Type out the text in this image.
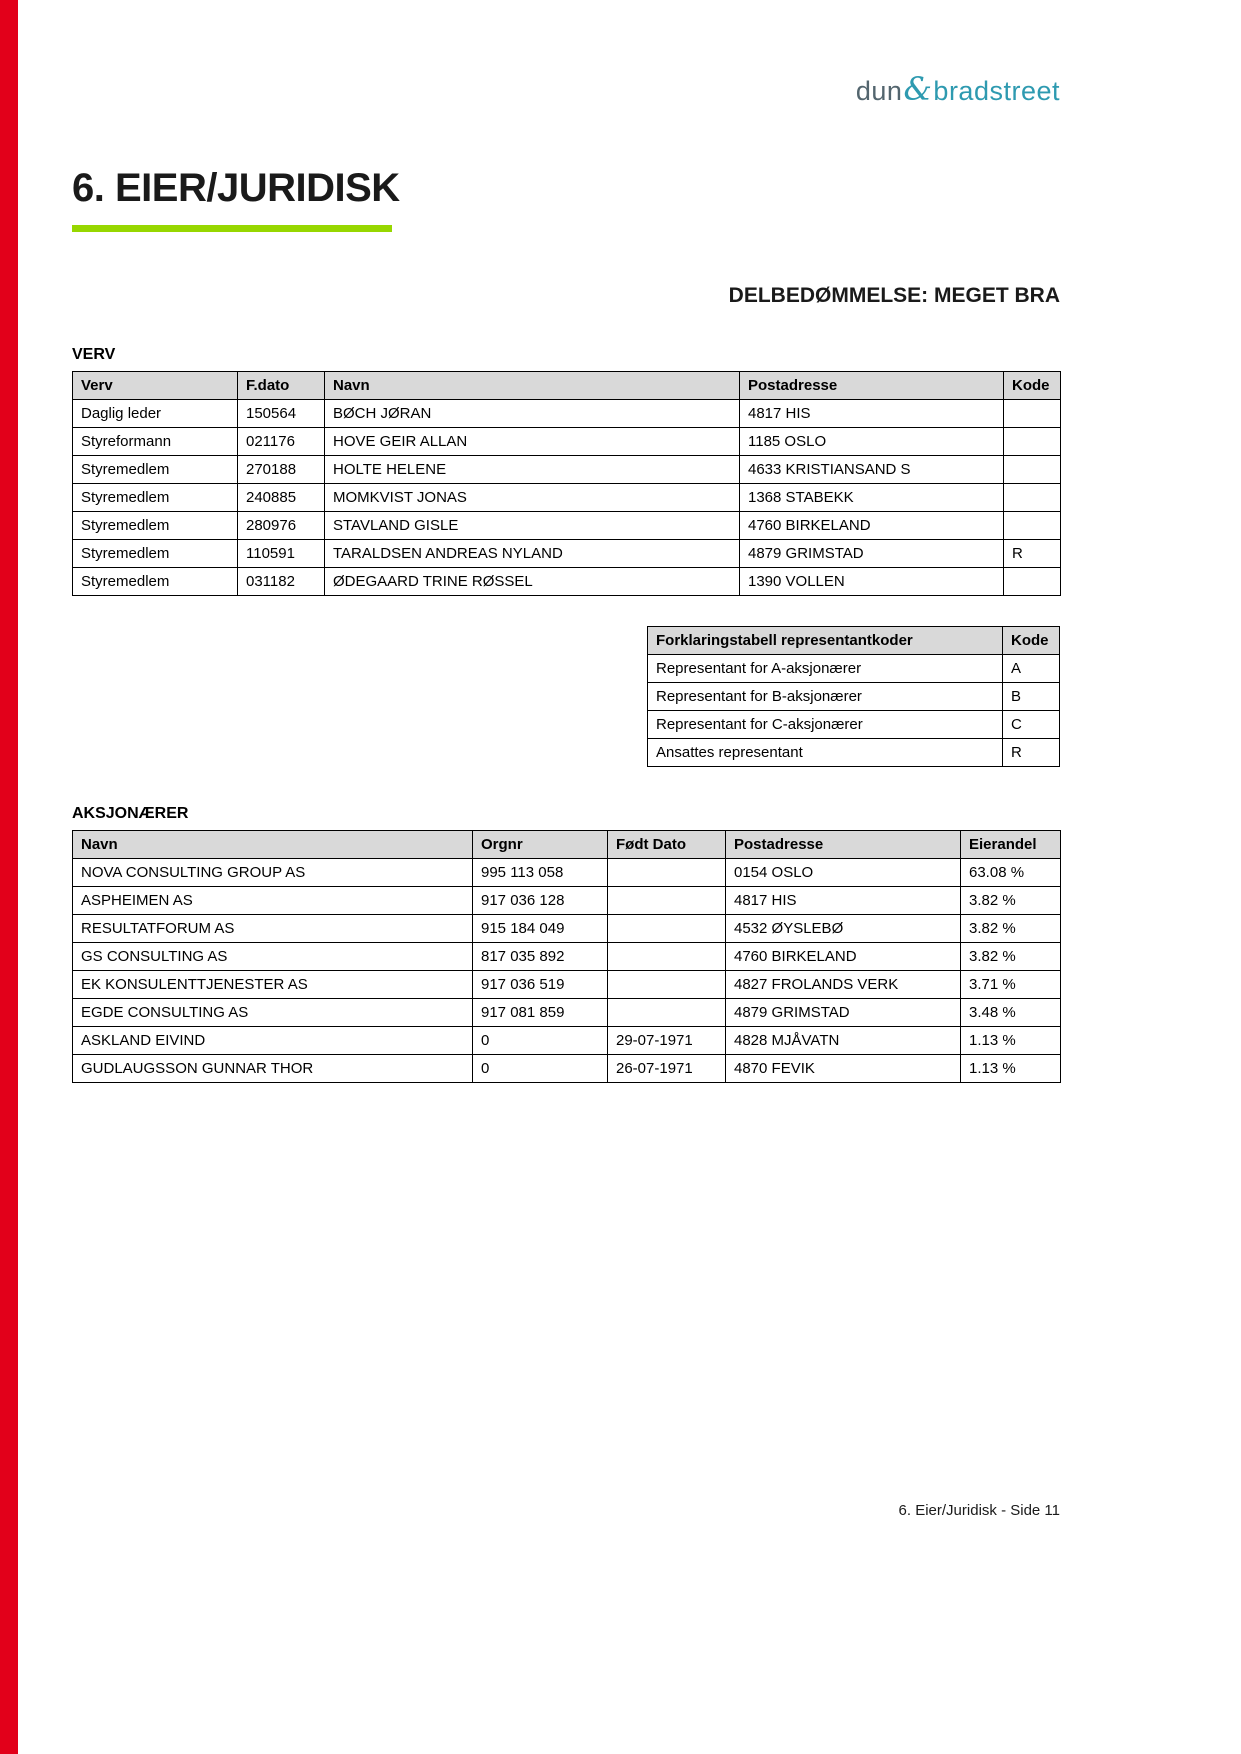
dun&bradstreet
6. EIER/JURIDISK
DELBEDØMMELSE: MEGET BRA
VERV
Verv	F.dato	Navn	Postadresse	Kode
Daglig leder	150564	BØCH JØRAN	4817 HIS	
Styreformann	021176	HOVE GEIR ALLAN	1185 OSLO	
Styremedlem	270188	HOLTE HELENE	4633 KRISTIANSAND S	
Styremedlem	240885	MOMKVIST JONAS	1368 STABEKK	
Styremedlem	280976	STAVLAND GISLE	4760 BIRKELAND	
Styremedlem	110591	TARALDSEN ANDREAS NYLAND	4879 GRIMSTAD	R
Styremedlem	031182	ØDEGAARD TRINE RØSSEL	1390 VOLLEN	
Forklaringstabell representantkoder	Kode
Representant for A-aksjonærer	A
Representant for B-aksjonærer	B
Representant for C-aksjonærer	C
Ansattes representant	R
AKSJONÆRER
Navn	Orgnr	Født Dato	Postadresse	Eierandel
NOVA CONSULTING GROUP AS	995 113 058		0154 OSLO	63.08 %
ASPHEIMEN AS	917 036 128		4817 HIS	3.82 %
RESULTATFORUM AS	915 184 049		4532 ØYSLEBØ	3.82 %
GS CONSULTING AS	817 035 892		4760 BIRKELAND	3.82 %
EK KONSULENTTJENESTER AS	917 036 519		4827 FROLANDS VERK	3.71 %
EGDE CONSULTING AS	917 081 859		4879 GRIMSTAD	3.48 %
ASKLAND EIVIND	0	29-07-1971	4828 MJÅVATN	1.13 %
GUDLAUGSSON GUNNAR THOR	0	26-07-1971	4870 FEVIK	1.13 %
6. Eier/Juridisk - Side 11
